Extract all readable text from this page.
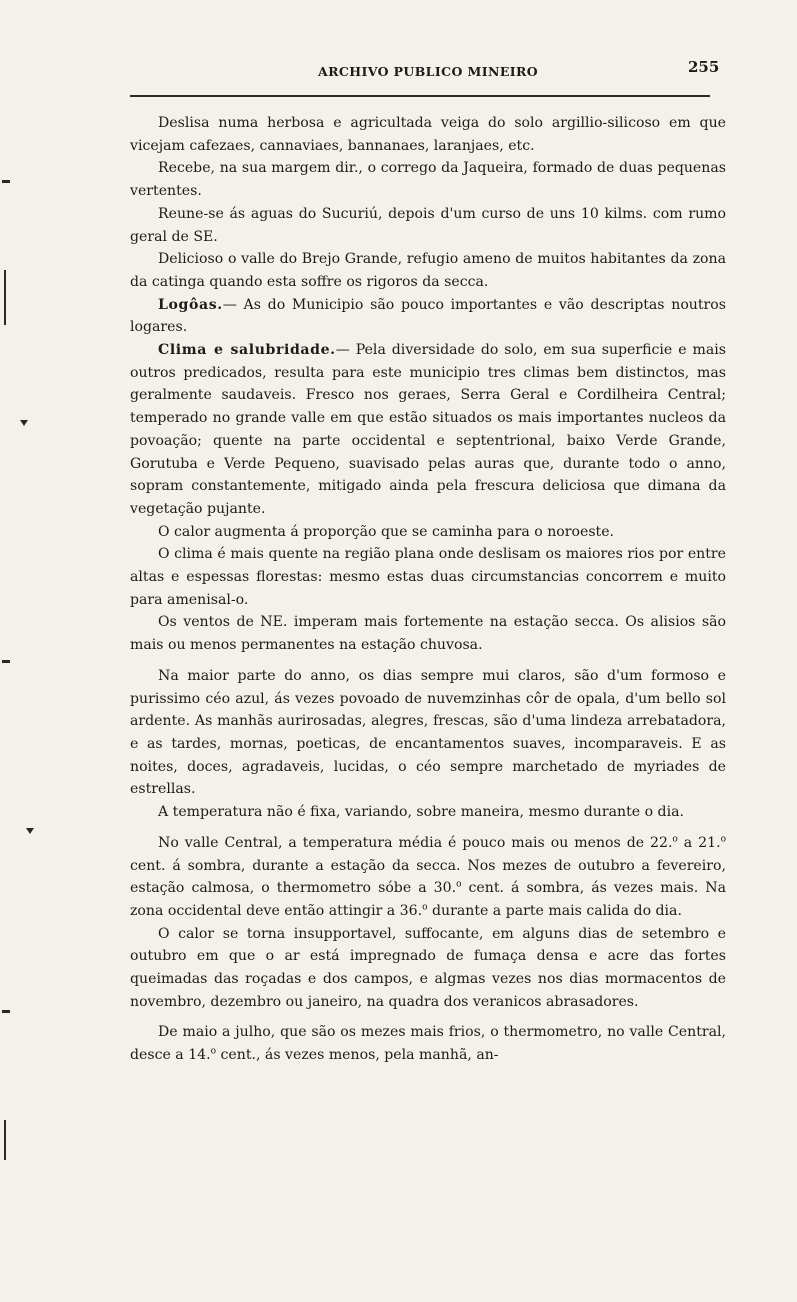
ARCHIVO PUBLICO MINEIRO	255

Deslisa numa herbosa e agricultada veiga do solo argillio-silicoso em que vicejam cafezaes, cannaviaes, bannanaes, laranjaes, etc.

Recebe, na sua margem dir., o corrego da Jaqueira, formado de duas pequenas vertentes.

Reune-se ás aguas do Sucuriú, depois d'um curso de uns 10 kilms. com rumo geral de SE.

Delicioso o valle do Brejo Grande, refugio ameno de muitos habitantes da zona da catinga quando esta soffre os rigoros da secca.

Logôas.— As do Municipio são pouco importantes e vão descriptas noutros logares.

Clima e salubridade.— Pela diversidade do solo, em sua superficie e mais outros predicados, resulta para este municipio tres climas bem distinctos, mas geralmente saudaveis. Fresco nos geraes, Serra Geral e Cordilheira Central; temperado no grande valle em que estão situados os mais importantes nucleos da povoação; quente na parte occidental e septentrional, baixo Verde Grande, Gorutuba e Verde Pequeno, suavisado pelas auras que, durante todo o anno, sopram constantemente, mitigado ainda pela frescura deliciosa que dimana da vegetação pujante.

O calor augmenta á proporção que se caminha para o noroeste.

O clima é mais quente na região plana onde deslisam os maiores rios por entre altas e espessas florestas: mesmo estas duas circumstancias concorrem e muito para amenisal-o.

Os ventos de NE. imperam mais fortemente na estação secca. Os alisios são mais ou menos permanentes na estação chuvosa.

Na maior parte do anno, os dias sempre mui claros, são d'um formoso e purissimo céo azul, ás vezes povoado de nuvemzinhas côr de opala, d'um bello sol ardente. As manhãs aurirosadas, alegres, frescas, são d'uma lindeza arrebatadora, e as tardes, mornas, poeticas, de encantamentos suaves, incomparaveis. E as noites, doces, agradaveis, lucidas, o céo sempre marchetado de myriades de estrellas.

A temperatura não é fixa, variando, sobre maneira, mesmo durante o dia.

No valle Central, a temperatura média é pouco mais ou menos de 22.$^o$ a 21.$^o$ cent. á sombra, durante a estação da secca. Nos mezes de outubro a fevereiro, estação calmosa, o thermometro sóbe a 30.$^o$ cent. á sombra, ás vezes mais. Na zona occidental deve então attingir a 36.$^o$ durante a parte mais calida do dia.

O calor se torna insupportavel, suffocante, em alguns dias de setembro e outubro em que o ar está impregnado de fumaça densa e acre das fortes queimadas das roçadas e dos campos, e algmas vezes nos dias mormacentos de novembro, dezembro ou janeiro, na quadra dos veranicos abrasadores.

De maio a julho, que são os mezes mais frios, o thermometro, no valle Central, desce a 14.$^o$ cent., ás vezes menos, pela manhã, an-
